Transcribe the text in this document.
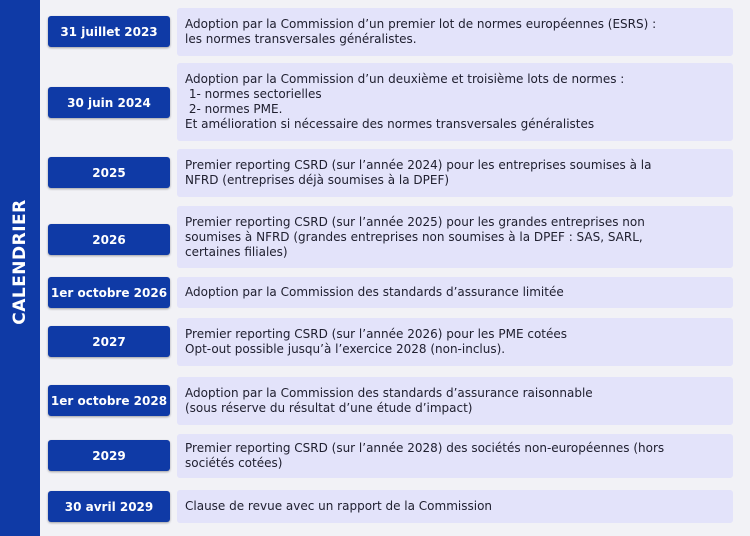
CALENDRIER
31 juillet 2023
Adoption par la Commission d’un premier lot de normes européennes (ESRS) :
les normes transversales généralistes.
30 juin 2024
Adoption par la Commission d’un deuxième et troisième lots de normes :
1- normes sectorielles
2- normes PME.
Et amélioration si nécessaire des normes transversales généralistes
2025
Premier reporting CSRD (sur l’année 2024) pour les entreprises soumises à la
NFRD (entreprises déjà soumises à la DPEF)
2026
Premier reporting CSRD (sur l’année 2025) pour les grandes entreprises non
soumises à NFRD (grandes entreprises non soumises à la DPEF : SAS, SARL,
certaines filiales)
1er octobre 2026 Adoption par la Commission des standards d’assurance limitée
2027
Premier reporting CSRD (sur l’année 2026) pour les PME cotées
Opt-out possible jusqu’à l’exercice 2028 (non-inclus).
1er octobre 2028
Adoption par la Commission des standards d’assurance raisonnable
(sous réserve du résultat d’une étude d’impact)
2029
Premier reporting CSRD (sur l’année 2028) des sociétés non-européennes (hors
sociétés cotées)
30 avril 2029	Clause de revue avec un rapport de la Commission
